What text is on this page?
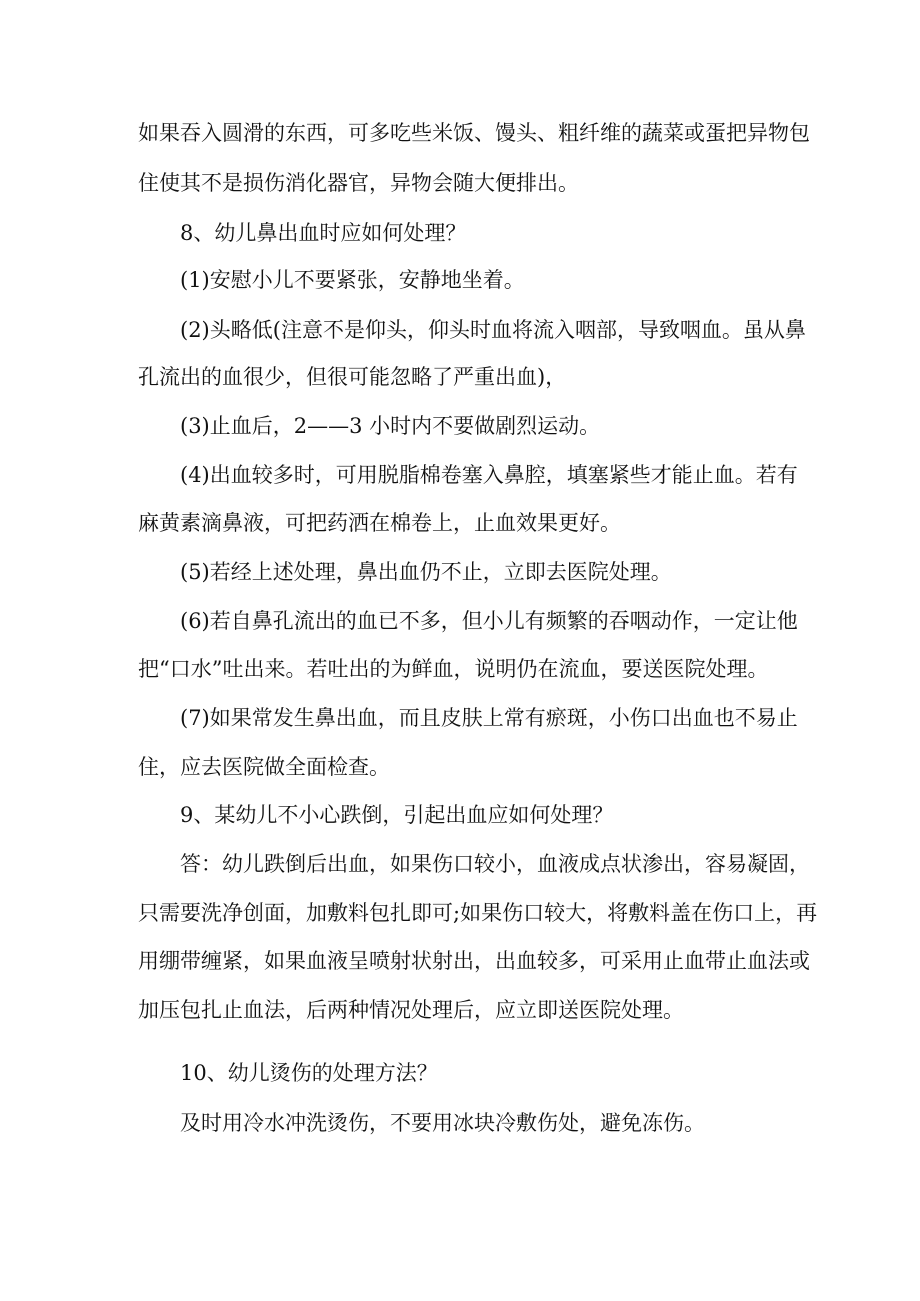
如果吞入圆滑的东西，可多吃些米饭、馒头、粗纤维的蔬菜或蛋把异物包

住使其不是损伤消化器官，异物会随大便排出。

8、幼儿鼻出血时应如何处理？

(1)安慰小儿不要紧张，安静地坐着。

(2)头略低(注意不是仰头，仰头时血将流入咽部，导致咽血。虽从鼻

孔流出的血很少，但很可能忽略了严重出血)，

(3)止血后，2——3 小时内不要做剧烈运动。

(4)出血较多时，可用脱脂棉卷塞入鼻腔，填塞紧些才能止血。若有

麻黄素滴鼻液，可把药洒在棉卷上，止血效果更好。

(5)若经上述处理，鼻出血仍不止，立即去医院处理。

(6)若自鼻孔流出的血已不多，但小儿有频繁的吞咽动作，一定让他

把“口水”吐出来。若吐出的为鲜血，说明仍在流血，要送医院处理。

(7)如果常发生鼻出血，而且皮肤上常有瘀斑，小伤口出血也不易止

住，应去医院做全面检查。

9、某幼儿不小心跌倒，引起出血应如何处理？

答：幼儿跌倒后出血，如果伤口较小，血液成点状渗出，容易凝固，

只需要洗净创面，加敷料包扎即可;如果伤口较大，将敷料盖在伤口上，再

用绷带缠紧，如果血液呈喷射状射出，出血较多，可采用止血带止血法或

加压包扎止血法，后两种情况处理后，应立即送医院处理。

10、幼儿烫伤的处理方法？

及时用冷水冲洗烫伤，不要用冰块冷敷伤处，避免冻伤。
